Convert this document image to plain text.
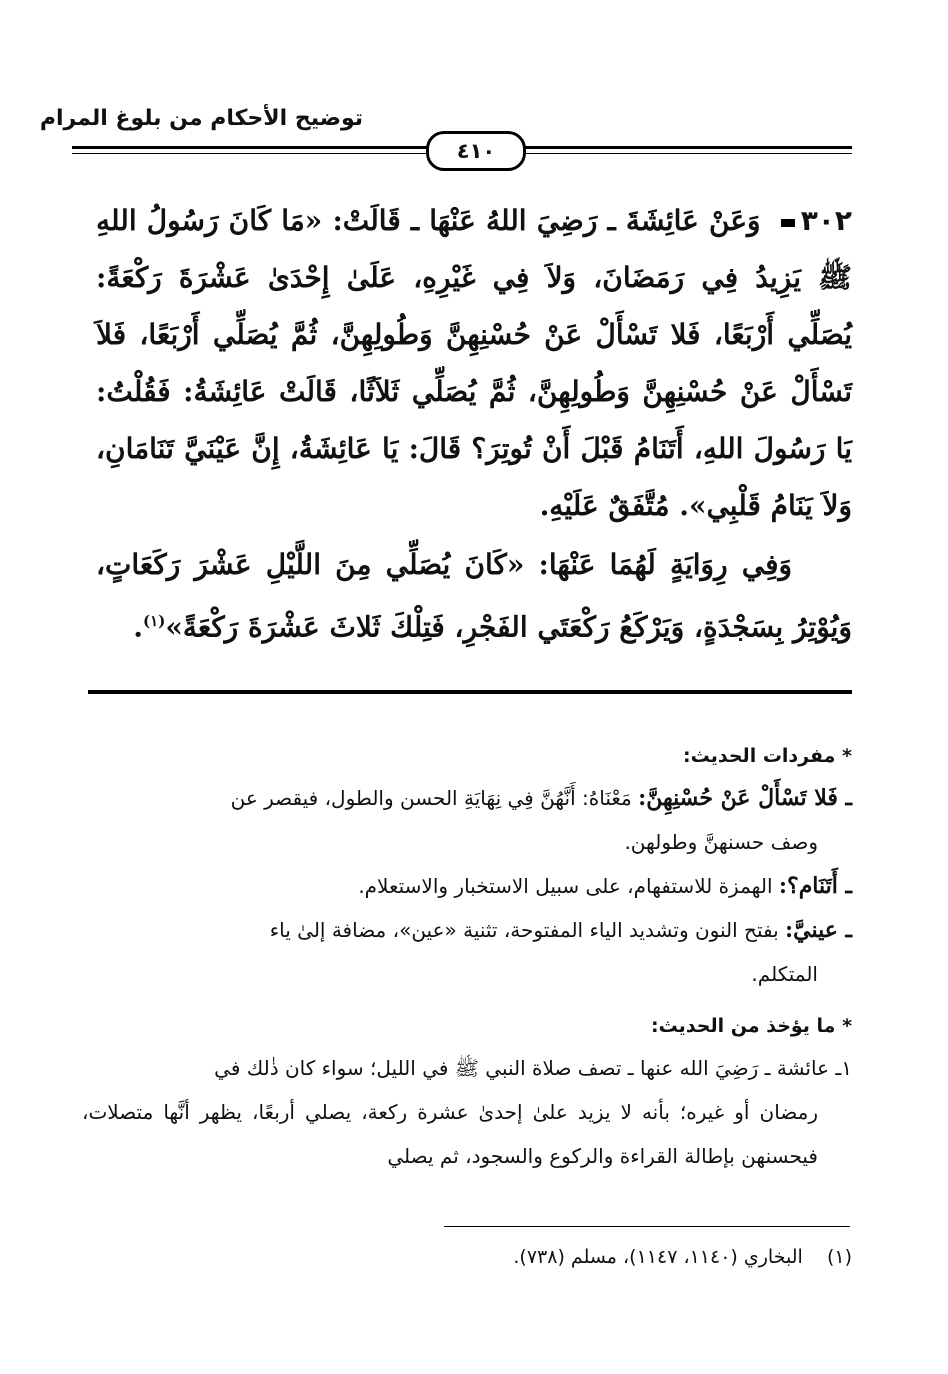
توضيح الأحكام من بلوغ المرام
٤١٠

٣٠٢ وَعَنْ عَائِشَةَ ـ رَضِيَ اللهُ عَنْهَا ـ قَالَتْ: «مَا كَانَ رَسُولُ اللهِ ﷺ يَزِيدُ فِي رَمَضَانَ، وَلاَ فِي غَيْرِهِ، عَلَىٰ إِحْدَىٰ عَشْرَةَ رَكْعَةً: يُصَلِّي أَرْبَعًا، فَلا تَسْأَلْ عَنْ حُسْنِهِنَّ وَطُولِهِنَّ، ثُمَّ يُصَلِّي أَرْبَعًا، فَلاَ تَسْأَلْ عَنْ حُسْنِهِنَّ وَطُولِهِنَّ، ثُمَّ يُصَلِّي ثَلاَثًا، قَالَتْ عَائِشَةُ: فَقُلْتُ: يَا رَسُولَ اللهِ، أَتَنَامُ قَبْلَ أَنْ تُوتِرَ؟ قَالَ: يَا عَائِشَةُ، إِنَّ عَيْنَيَّ تَنَامَانِ، وَلاَ يَنَامُ قَلْبِي». مُتَّفَقٌ عَلَيْهِ.

وَفِي رِوَايَةٍ لَهُمَا عَنْهَا: «كَانَ يُصَلِّي مِنَ اللَّيْلِ عَشْرَ رَكَعَاتٍ، وَيُوْتِرُ بِسَجْدَةٍ، وَيَرْكَعُ رَكْعَتَي الفَجْرِ، فَتِلْكَ ثَلاثَ عَشْرَةَ رَكْعَةً»$^{(١)}$.

* مفردات الحديث:

ـ فَلا تَسْأَلْ عَنْ حُسْنِهِنَّ: مَعْنَاهُ: أَنَّهُنَّ فِي نِهَايَةِ الحسن والطول، فيقصر عن

وصف حسنهنَّ وطولهن.

ـ أَتَنَام؟: الهمزة للاستفهام، على سبيل الاستخبار والاستعلام.

ـ عينيَّ: بفتح النون وتشديد الياء المفتوحة، تثنية «عين»، مضافة إلىٰ ياء

المتكلم.

* ما يؤخذ من الحديث:

١ـ عائشة ـ رَضِيَ الله عنها ـ تصف صلاة النبي ﷺ في الليل؛ سواء كان ذٰلك في

رمضان أو غيره؛ بأنه لا يزيد علىٰ إحدىٰ عشرة ركعة، يصلي أربعًا، يظهر أنَّها متصلات، فيحسنهن بإطالة القراءة والركوع والسجود، ثم يصلي

(١)    البخاري (١١٤٠، ١١٤٧)، مسلم (٧٣٨).
